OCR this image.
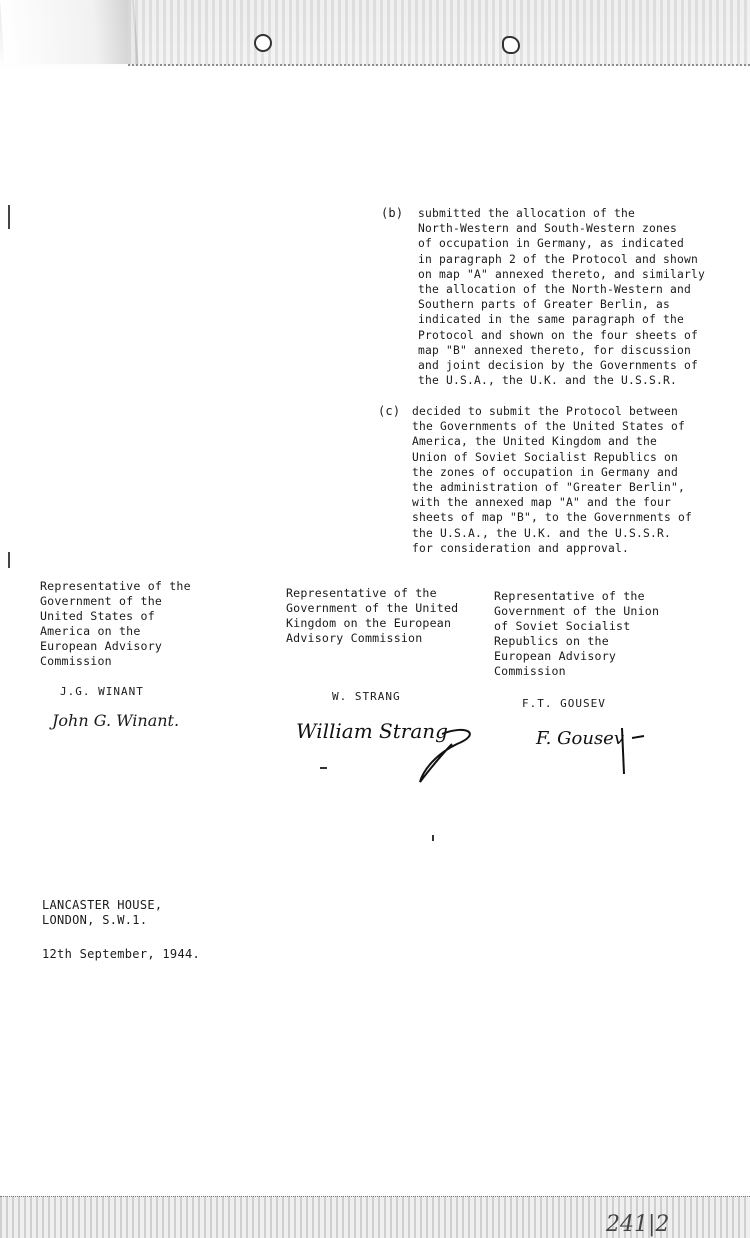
(b) submitted the allocation of the
North-Western and South-Western zones
of occupation in Germany, as indicated
in paragraph 2 of the Protocol and shown
on map "A" annexed thereto, and similarly
the allocation of the North-Western and
Southern parts of Greater Berlin, as
indicated in the same paragraph of the
Protocol and shown on the four sheets of
map "B" annexed thereto, for discussion
and joint decision by the Governments of
the U.S.A., the U.K. and the U.S.S.R.
(c) decided to submit the Protocol between
the Governments of the United States of
America, the United Kingdom and the
Union of Soviet Socialist Republics on
the zones of occupation in Germany and
the administration of "Greater Berlin",
with the annexed map "A" and the four
sheets of map "B", to the Governments of
the U.S.A., the U.K. and the U.S.S.R.
for consideration and approval.
Representative of the
Government of the
United States of
America on the
European Advisory
Commission
J.G. WINANT
John G. Winant.
Representative of the
Government of the United
Kingdom on the European
Advisory Commission
W. STRANG
William Strang
Representative of the
Government of the Union
of Soviet Socialist
Republics on the
European Advisory
Commission
F.T. GOUSEV
F. Gousev
LANCASTER HOUSE,
LONDON, S.W.1.
12th September, 1944.
241|2
